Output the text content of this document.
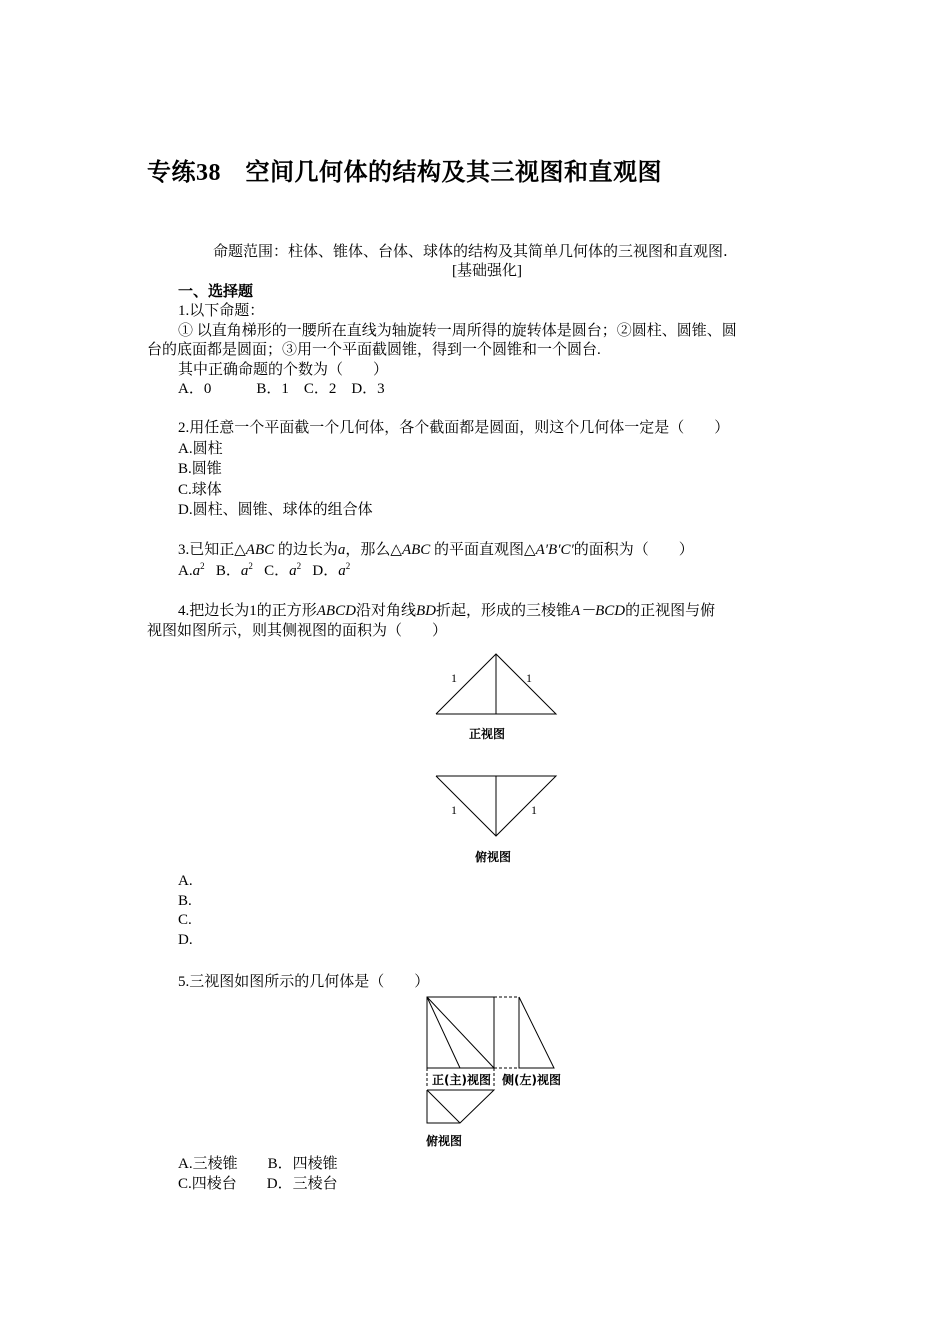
专练38　空间几何体的结构及其三视图和直观图
命题范围：柱体、锥体、台体、球体的结构及其简单几何体的三视图和直观图.
[基础强化]
一、选择题
1.以下命题：
① 以直角梯形的一腰所在直线为轴旋转一周所得的旋转体是圆台；②圆柱、圆锥、圆
台的底面都是圆面；③用一个平面截圆锥，得到一个圆锥和一个圆台.
其中正确命题的个数为（　　）
A．0　　　B．1　C．2　D．3
2.用任意一个平面截一个几何体，各个截面都是圆面，则这个几何体一定是（　　）
A.圆柱
B.圆锥
C.球体
D.圆柱、圆锥、球体的组合体
3.已知正△ABC 的边长为a，那么△ABC 的平面直观图△A′B′C′的面积为（　　）
$A.a^2$ B．$a^2$ C．$a^2$ D．$a^2$
4.把边长为1的正方形ABCD沿对角线BD折起，形成的三棱锥A－BCD的正视图与俯
视图如图所示，则其侧视图的面积为（　　）
1	1
正视图
1	1
俯视图
A.
B.
C.
D.
5.三视图如图所示的几何体是（　　）
正(主)视图 侧(左)视图
俯视图
A.三棱锥　　B．四棱锥
C.四棱台　　D．三棱台
